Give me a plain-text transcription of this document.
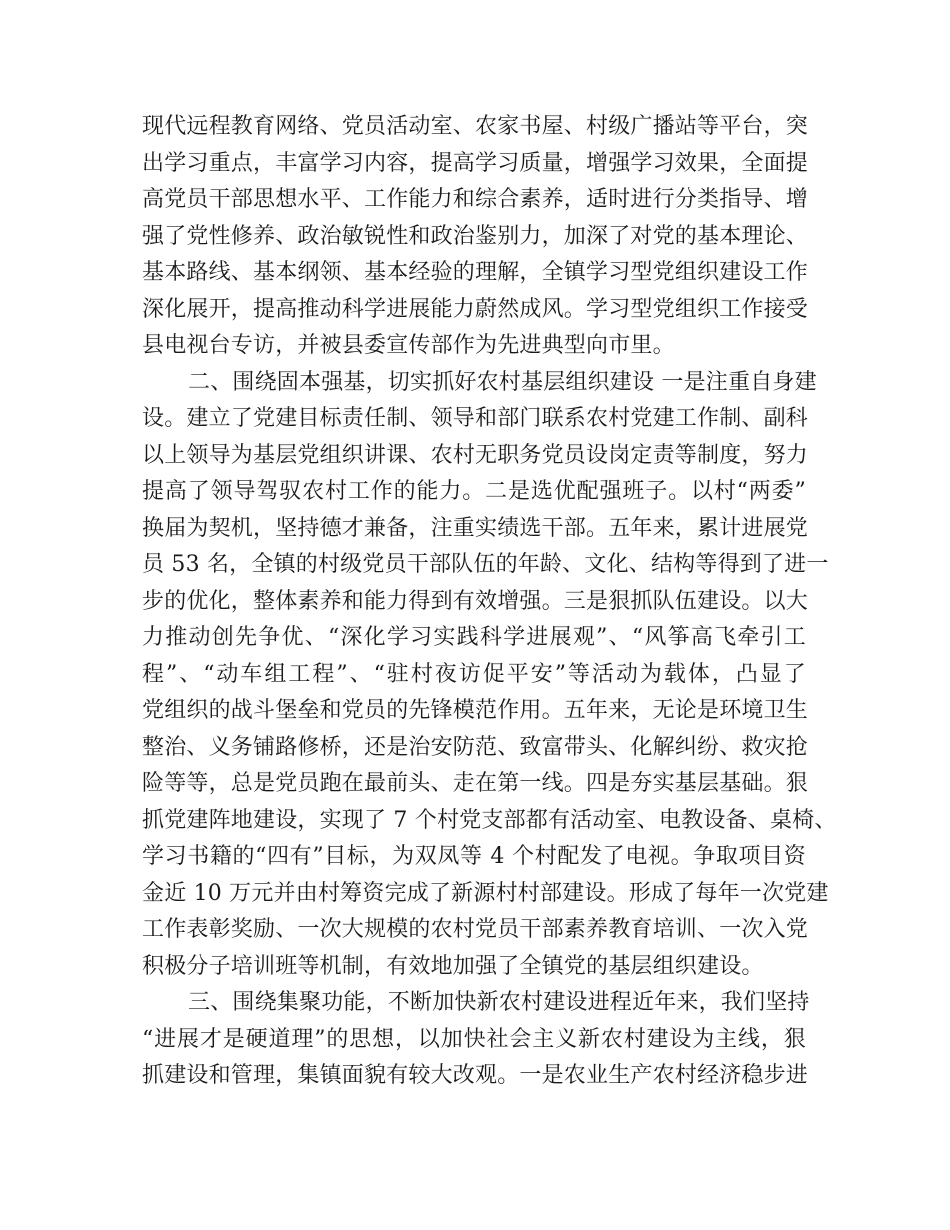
现代远程教育网络、党员活动室、农家书屋、村级广播站等平台，突
出学习重点，丰富学习内容，提高学习质量，增强学习效果，全面提
高党员干部思想水平、工作能力和综合素养，适时进行分类指导、增
强了党性修养、政治敏锐性和政治鉴别力，加深了对党的基本理论、
基本路线、基本纲领、基本经验的理解，全镇学习型党组织建设工作
深化展开，提高推动科学进展能力蔚然成风。学习型党组织工作接受
县电视台专访，并被县委宣传部作为先进典型向市里。
二、围绕固本强基，切实抓好农村基层组织建设 一是注重自身建
设。建立了党建目标责任制、领导和部门联系农村党建工作制、副科
以上领导为基层党组织讲课、农村无职务党员设岗定责等制度，努力
提高了领导驾驭农村工作的能力。二是选优配强班子。以村“两委”
换届为契机，坚持德才兼备，注重实绩选干部。五年来，累计进展党
员 53 名，全镇的村级党员干部队伍的年龄、文化、结构等得到了进一
步的优化，整体素养和能力得到有效增强。三是狠抓队伍建设。以大
力推动创先争优、“深化学习实践科学进展观”、“风筝高飞牵引工
程”、“动车组工程”、“驻村夜访促平安”等活动为载体，凸显了
党组织的战斗堡垒和党员的先锋模范作用。五年来，无论是环境卫生
整治、义务铺路修桥，还是治安防范、致富带头、化解纠纷、救灾抢
险等等，总是党员跑在最前头、走在第一线。四是夯实基层基础。狠
抓党建阵地建设，实现了 7 个村党支部都有活动室、电教设备、桌椅、
学习书籍的“四有”目标，为双凤等 4 个村配发了电视。争取项目资
金近 10 万元并由村筹资完成了新源村村部建设。形成了每年一次党建
工作表彰奖励、一次大规模的农村党员干部素养教育培训、一次入党
积极分子培训班等机制，有效地加强了全镇党的基层组织建设。
三、围绕集聚功能，不断加快新农村建设进程近年来，我们坚持
“进展才是硬道理”的思想，以加快社会主义新农村建设为主线，狠
抓建设和管理，集镇面貌有较大改观。一是农业生产农村经济稳步进
